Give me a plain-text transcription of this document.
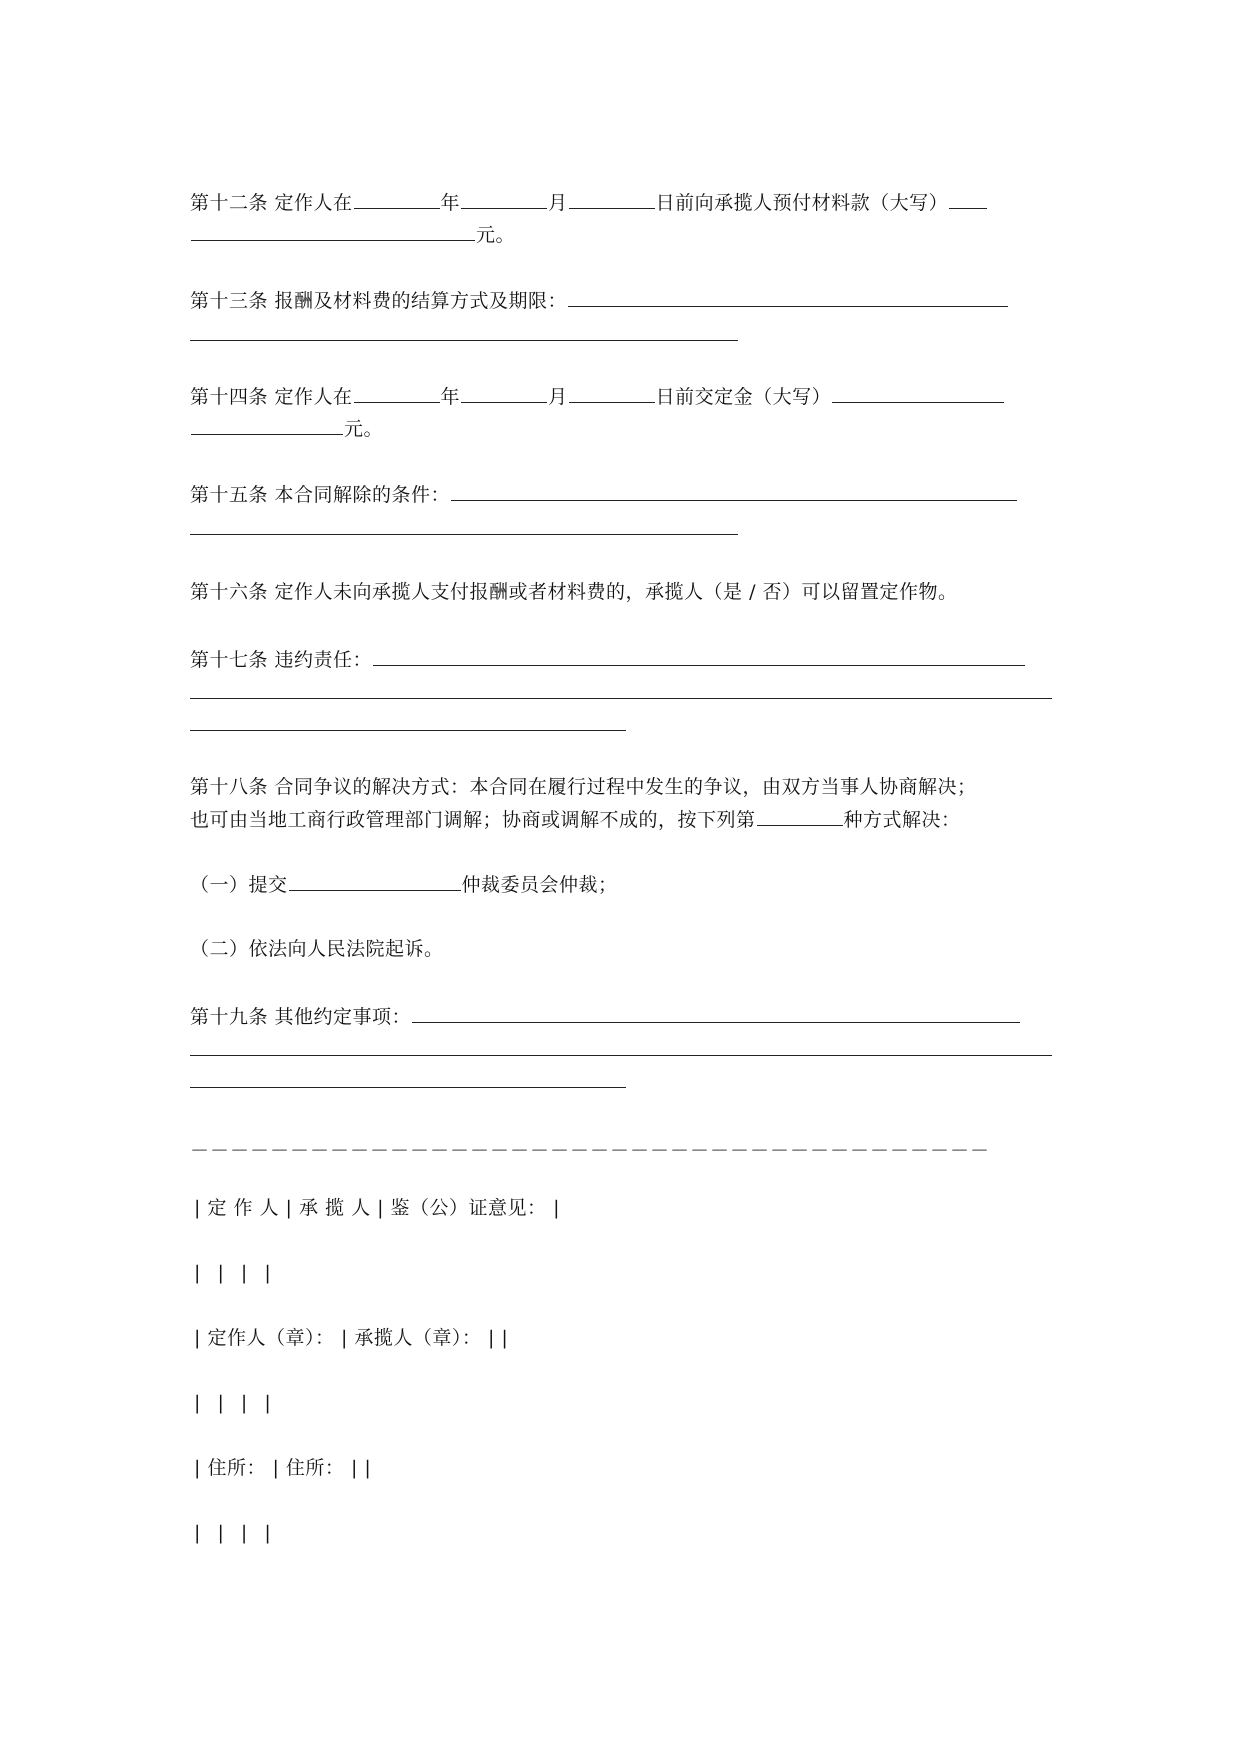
第十二条 定作人在	年	月	日前向承揽人预付材料款（大写）
元。
第十三条 报酬及材料费的结算方式及期限：
第十四条 定作人在	年	月	日前交定金（大写）
元。
第十五条 本合同解除的条件：
第十六条 定作人未向承揽人支付报酬或者材料费的，承揽人（是 / 否）可以留置定作物。
第十七条 违约责任：
第十八条 合同争议的解决方式：本合同在履行过程中发生的争议，由双方当事人协商解决；
也可由当地工商行政管理部门调解；协商或调解不成的，按下列第	种方式解决：
（一）提交	仲裁委员会仲裁；
（二）依法向人民法院起诉。
第十九条 其他约定事项：
－－－－－－－－－－－－－－－－－－－－－－－－－－－－－－－－－－－－－－－－
| 定 作 人 | 承 揽 人 | 鉴（公）证意见： |
| | | |
| 定作人（章）： | 承揽人（章）： | |
| | | |
| 住所： | 住所： | |
| | | |
